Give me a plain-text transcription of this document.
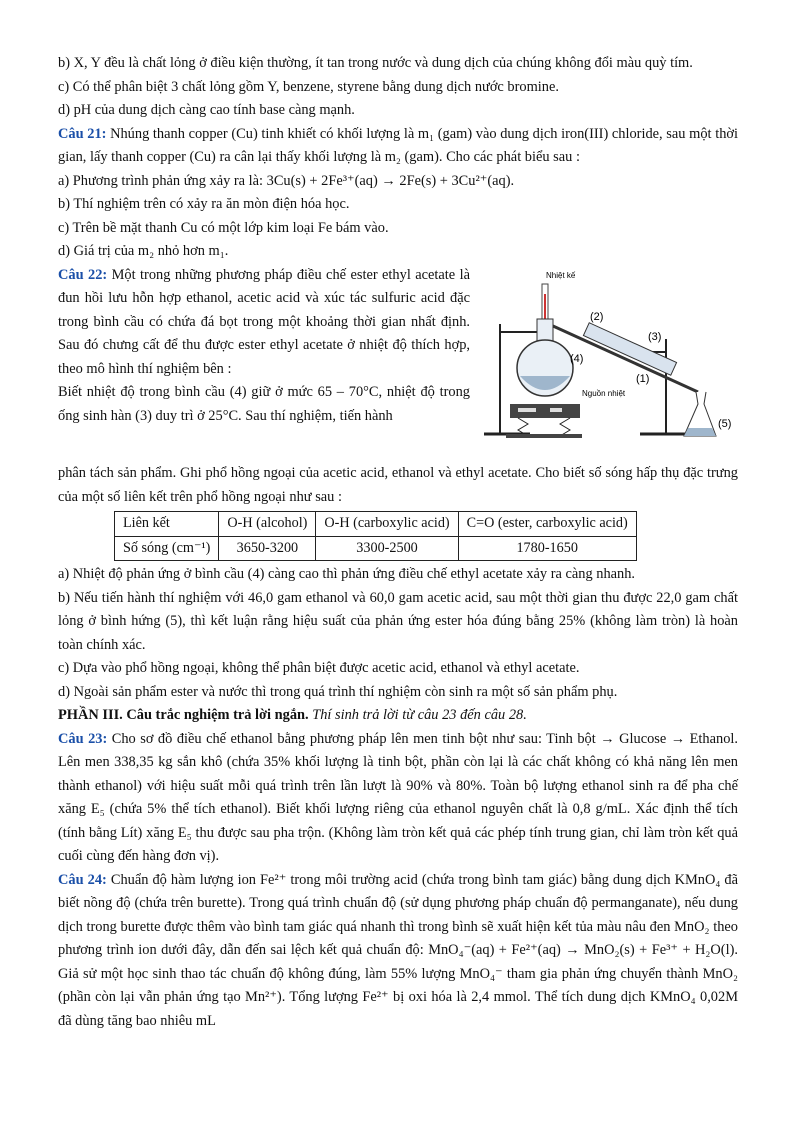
b) X, Y đều là chất lỏng ở điều kiện thường, ít tan trong nước và dung dịch của chúng không đổi màu quỳ tím.

c) Có thể phân biệt 3 chất lỏng gồm Y, benzene, styrene bằng dung dịch nước bromine.

d) pH của dung dịch càng cao tính base càng mạnh.

Câu 21: Nhúng thanh copper (Cu) tinh khiết có khối lượng là m₁ (gam) vào dung dịch iron(III) chloride, sau một thời gian, lấy thanh copper (Cu) ra cân lại thấy khối lượng là m₂ (gam). Cho các phát biểu sau :

a) Phương trình phản ứng xảy ra là: 3Cu(s) + 2Fe³⁺(aq) → 2Fe(s) + 3Cu²⁺(aq).

b) Thí nghiệm trên có xảy ra ăn mòn điện hóa học.

c) Trên bề mặt thanh Cu có một lớp kim loại Fe bám vào.

d) Giá trị của m₂ nhỏ hơn m₁.

Câu 22: Một trong những phương pháp điều chế ester ethyl acetate là đun hồi lưu hỗn hợp ethanol, acetic acid và xúc tác sulfuric acid đặc trong bình cầu có chứa đá bọt trong một khoảng thời gian nhất định. Sau đó chưng cất để thu được ester ethyl acetate ở nhiệt độ thích hợp, theo mô hình thí nghiệm bên :

Biết nhiệt độ trong bình cầu (4) giữ ở mức 65 – 70°C, nhiệt độ trong ống sinh hàn (3) duy trì ở 25°C. Sau thí nghiệm, tiến hành

Nhiệt kế
(2)
(3)
(4)
(1)
(5)
Nguồn nhiệt

phân tách sản phẩm. Ghi phổ hồng ngoại của acetic acid, ethanol và ethyl acetate. Cho biết số sóng hấp thụ đặc trưng của một số liên kết trên phổ hồng ngoại như sau :

Liên kết	O-H (alcohol)	O-H (carboxylic acid)	C=O (ester, carboxylic acid)
Số sóng (cm⁻¹)	3650-3200	3300-2500	1780-1650

a) Nhiệt độ phản ứng ở bình cầu (4) càng cao thì phản ứng điều chế ethyl acetate xảy ra càng nhanh.

b) Nếu tiến hành thí nghiệm với 46,0 gam ethanol và 60,0 gam acetic acid, sau một thời gian thu được 22,0 gam chất lỏng ở bình hứng (5), thì kết luận rằng hiệu suất của phản ứng ester hóa đúng bằng 25% (không làm tròn) là hoàn toàn chính xác.

c) Dựa vào phổ hồng ngoại, không thể phân biệt được acetic acid, ethanol và ethyl acetate.

d) Ngoài sản phẩm ester và nước thì trong quá trình thí nghiệm còn sinh ra một số sản phẩm phụ.

PHẦN III. Câu trắc nghiệm trả lời ngắn. Thí sinh trả lời từ câu 23 đến câu 28.

Câu 23: Cho sơ đồ điều chế ethanol bằng phương pháp lên men tinh bột như sau: Tinh bột → Glucose → Ethanol. Lên men 338,35 kg sắn khô (chứa 35% khối lượng là tinh bột, phần còn lại là các chất không có khả năng lên men thành ethanol) với hiệu suất mỗi quá trình trên lần lượt là 90% và 80%. Toàn bộ lượng ethanol sinh ra để pha chế xăng E₅ (chứa 5% thể tích ethanol). Biết khối lượng riêng của ethanol nguyên chất là 0,8 g/mL. Xác định thể tích (tính bằng Lít) xăng E₅ thu được sau pha trộn. (Không làm tròn kết quả các phép tính trung gian, chỉ làm tròn kết quả cuối cùng đến hàng đơn vị).

Câu 24: Chuẩn độ hàm lượng ion Fe²⁺ trong môi trường acid (chứa trong bình tam giác) bằng dung dịch KMnO₄ đã biết nồng độ (chứa trên burette). Trong quá trình chuẩn độ (sử dụng phương pháp chuẩn độ permanganate), nếu dung dịch trong burette được thêm vào bình tam giác quá nhanh thì trong bình sẽ xuất hiện kết tủa màu nâu đen MnO₂ theo phương trình ion dưới đây, dẫn đến sai lệch kết quả chuẩn độ: MnO₄⁻(aq) + Fe²⁺(aq) → MnO₂(s) + Fe³⁺ + H₂O(l). Giả sử một học sinh thao tác chuẩn độ không đúng, làm 55% lượng MnO₄⁻ tham gia phản ứng chuyển thành MnO₂ (phần còn lại vẫn phản ứng tạo Mn²⁺). Tổng lượng Fe²⁺ bị oxi hóa là 2,4 mmol. Thể tích dung dịch KMnO₄ 0,02M đã dùng tăng bao nhiêu mL
